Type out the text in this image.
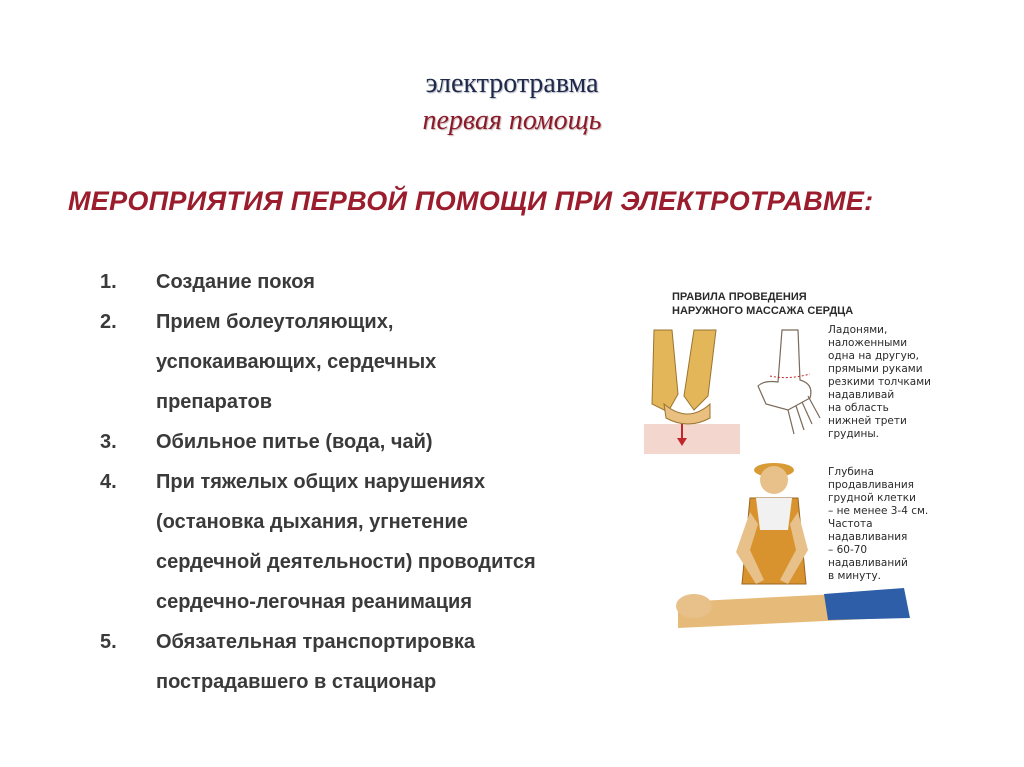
электротравма
первая помощь
МЕРОПРИЯТИЯ ПЕРВОЙ ПОМОЩИ ПРИ ЭЛЕКТРОТРАВМЕ:
1.	Создание покоя
2.	Прием болеутоляющих,
успокаивающих, сердечных
препаратов
3.	Обильное питье (вода, чай)
4.	При тяжелых общих нарушениях
(остановка дыхания, угнетение
сердечной деятельности) проводится
сердечно-легочная реанимация
5.	Обязательная транспортировка
пострадавшего в стационар
ПРАВИЛА ПРОВЕДЕНИЯ
НАРУЖНОГО МАССАЖА СЕРДЦА
Ладонями,
наложенными
одна на другую,
прямыми руками
резкими толчками
надавливай
на область
нижней трети
грудины.
Глубина
продавливания
грудной клетки
– не менее 3-4 см.
Частота
надавливания
– 60-70
надавливаний
в минуту.
